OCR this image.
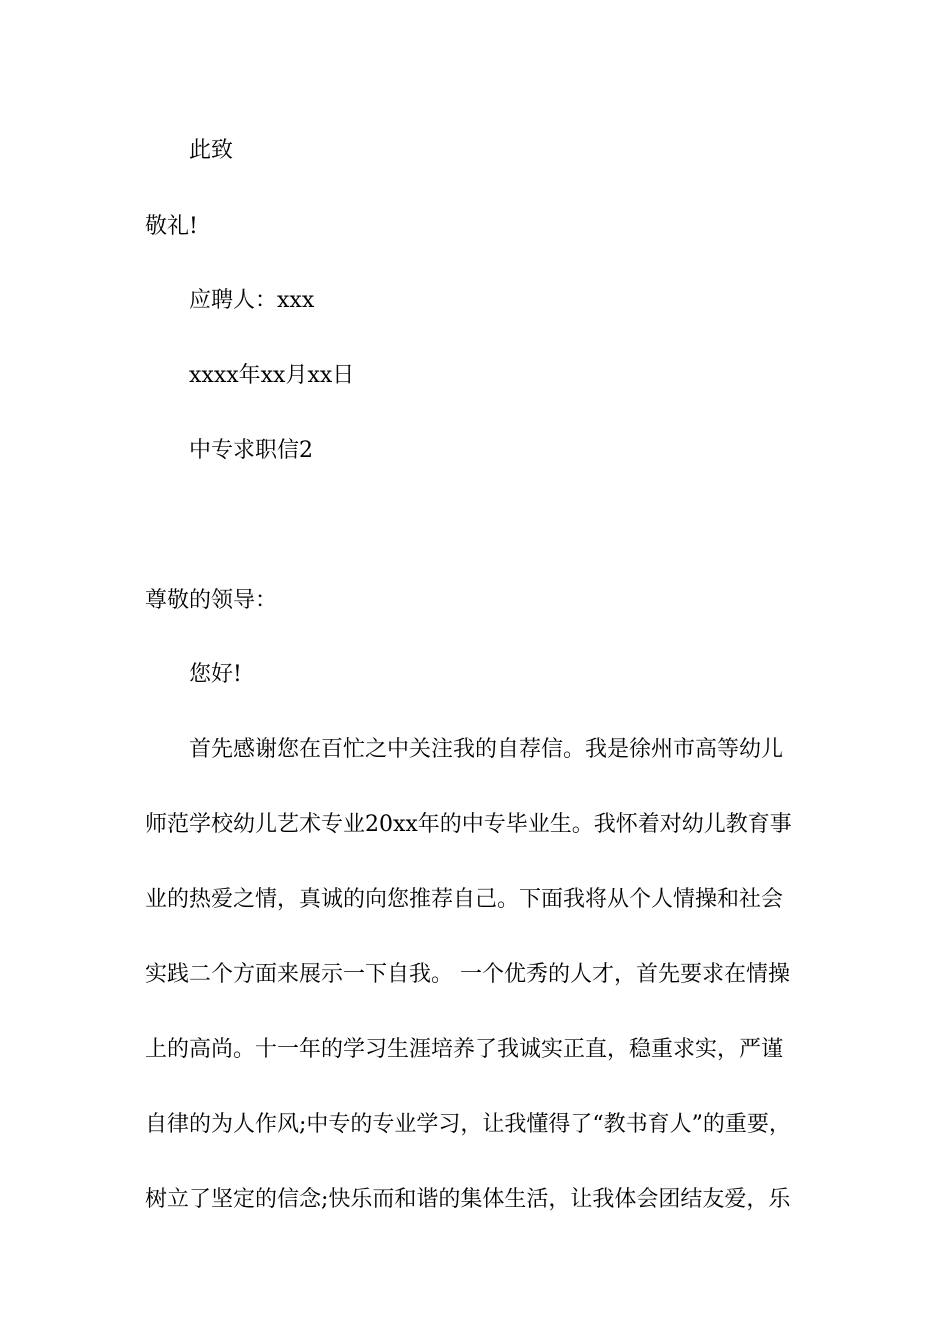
此致
敬礼!
应聘人：xxx
xxxx年xx月xx日
中专求职信2
尊敬的领导：
您好!
首先感谢您在百忙之中关注我的自荐信。我是徐州市高等幼儿
师范学校幼儿艺术专业20xx年的中专毕业生。我怀着对幼儿教育事
业的热爱之情，真诚的向您推荐自己。下面我将从个人情操和社会
实践二个方面来展示一下自我。 一个优秀的人才，首先要求在情操
上的高尚。十一年的学习生涯培养了我诚实正直，稳重求实，严谨
自律的为人作风;中专的专业学习，让我懂得了“教书育人”的重要，
树立了坚定的信念;快乐而和谐的集体生活，让我体会团结友爱，乐
